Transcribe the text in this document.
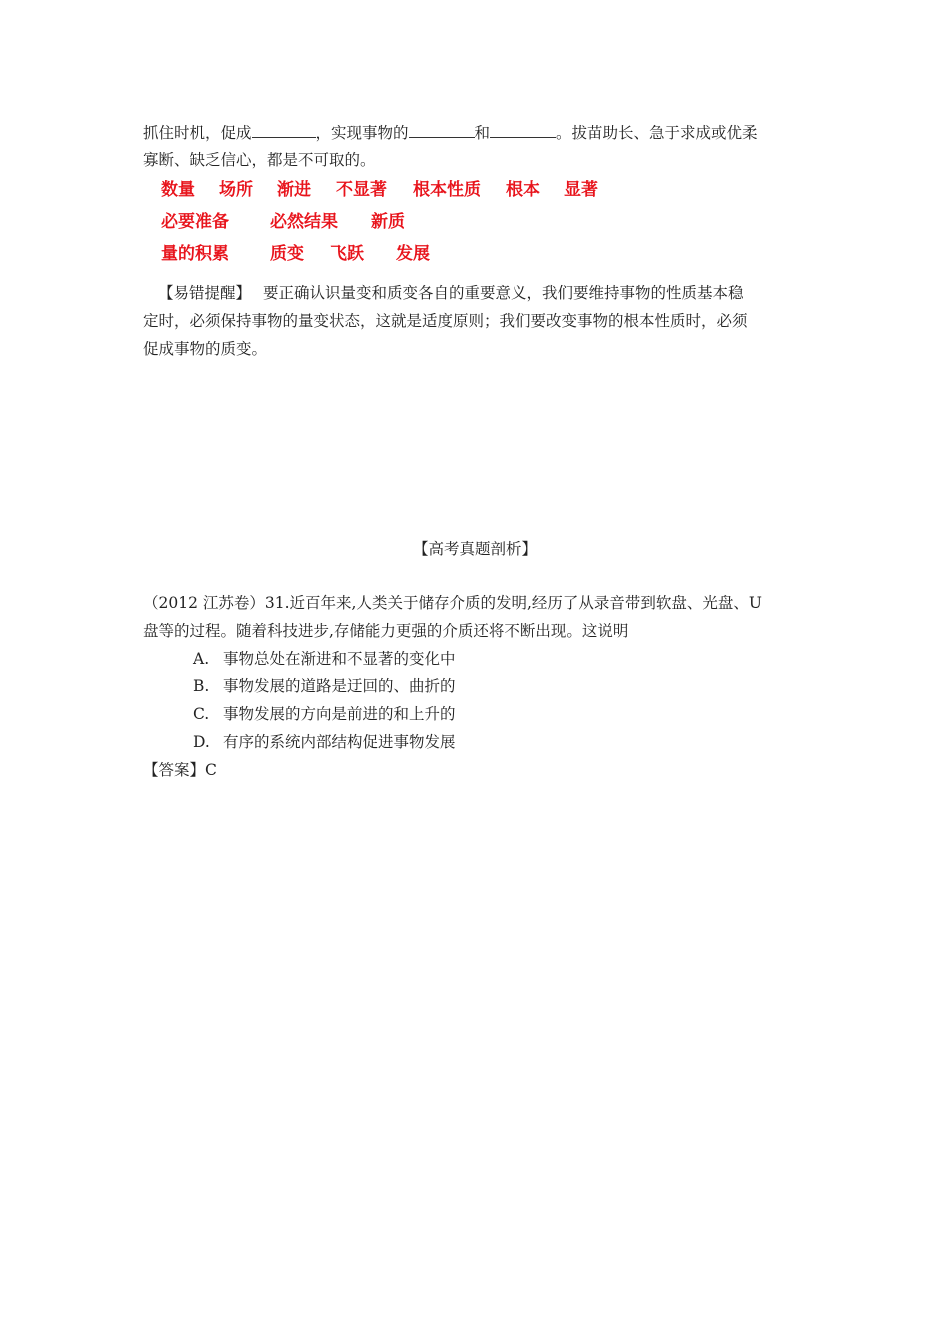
抓住时机，促成	，实现事物的	和	。拔苗助长、急于求成或优柔
寡断、缺乏信心，都是不可取的。
数量 场所 渐进 不显著 根本性质 根本 显著
必要准备 必然结果 新质
量的积累 质变 飞跃 发展
【易错提醒】 要正确认识量变和质变各自的重要意义，我们要维持事物的性质基本稳
定时，必须保持事物的量变状态，这就是适度原则；我们要改变事物的根本性质时，必须
促成事物的质变。
【高考真题剖析】
（2012 江苏卷）31.近百年来,人类关于储存介质的发明,经历了从录音带到软盘、光盘、U
盘等的过程。随着科技进步,存储能力更强的介质还将不断出现。这说明
A. 事物总处在渐进和不显著的变化中
B. 事物发展的道路是迂回的、曲折的
C. 事物发展的方向是前进的和上升的
D. 有序的系统内部结构促进事物发展
【答案】C
